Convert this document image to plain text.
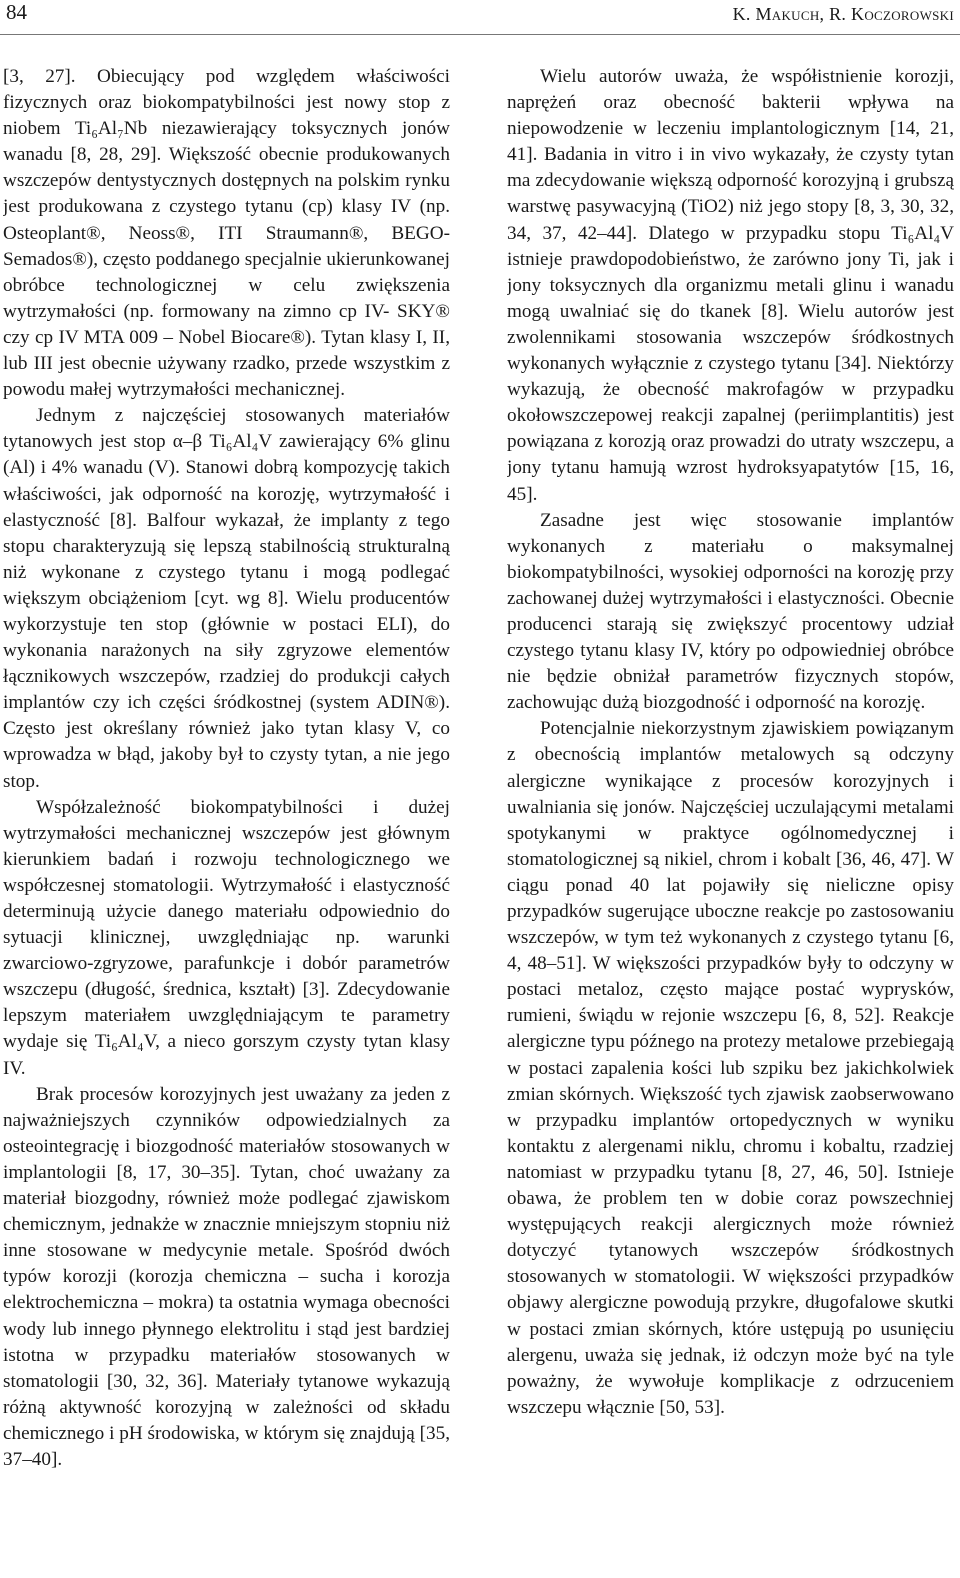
84	K. Makuch, R. Koczorowski

[3, 27]. Obiecujący pod względem właściwości fizycznych oraz biokompatybilności jest nowy stop z niobem Ti₆Al₇Nb niezawierający toksycznych jonów wanadu [8, 28, 29]. Większość obecnie produkowanych wszczepów dentystycznych dostępnych na polskim rynku jest produkowana z czystego tytanu (cp) klasy IV (np. Osteoplant®, Neoss®, ITI Straumann®, BEGO-Semados®), często poddanego specjalnie ukierunkowanej obróbce technologicznej w celu zwiększenia wytrzymałości (np. formowany na zimno cp IV- SKY® czy cp IV MTA 009 – Nobel Biocare®). Tytan klasy I, II, lub III jest obecnie używany rzadko, przede wszystkim z powodu małej wytrzymałości mechanicznej.

Jednym z najczęściej stosowanych materiałów tytanowych jest stop α–β Ti₆Al₄V zawierający 6% glinu (Al) i 4% wanadu (V). Stanowi dobrą kompozycję takich właściwości, jak odporność na korozję, wytrzymałość i elastyczność [8]. Balfour wykazał, że implanty z tego stopu charakteryzują się lepszą stabilnością strukturalną niż wykonane z czystego tytanu i mogą podlegać większym obciążeniom [cyt. wg 8]. Wielu producentów wykorzystuje ten stop (głównie w postaci ELI), do wykonania narażonych na siły zgryzowe elementów łącznikowych wszczepów, rzadziej do produkcji całych implantów czy ich części śródkostnej (system ADIN®). Często jest określany również jako tytan klasy V, co wprowadza w błąd, jakoby był to czysty tytan, a nie jego stop.

Współzależność biokompatybilności i dużej wytrzymałości mechanicznej wszczepów jest głównym kierunkiem badań i rozwoju technologicznego we współczesnej stomatologii. Wytrzymałość i elastyczność determinują użycie danego materiału odpowiednio do sytuacji klinicznej, uwzględniając np. warunki zwarciowo-zgryzowe, parafunkcje i dobór parametrów wszczepu (długość, średnica, kształt) [3]. Zdecydowanie lepszym materiałem uwzględniającym te parametry wydaje się Ti₆Al₄V, a nieco gorszym czysty tytan klasy IV.

Brak procesów korozyjnych jest uważany za jeden z najważniejszych czynników odpowiedzialnych za osteointegrację i biozgodność materiałów stosowanych w implantologii [8, 17, 30–35]. Tytan, choć uważany za materiał biozgodny, również może podlegać zjawiskom chemicznym, jednakże w znacznie mniejszym stopniu niż inne stosowane w medycynie metale. Spośród dwóch typów korozji (korozja chemiczna – sucha i korozja elektrochemiczna – mokra) ta ostatnia wymaga obecności wody lub innego płynnego elektrolitu i stąd jest bardziej istotna w przypadku materiałów stosowanych w stomatologii [30, 32, 36]. Materiały tytanowe wykazują różną aktywność korozyjną w zależności od składu chemicznego i pH środowiska, w którym się znajdują [35, 37–40].

Wielu autorów uważa, że współistnienie korozji, naprężeń oraz obecność bakterii wpływa na niepowodzenie w leczeniu implantologicznym [14, 21, 41]. Badania in vitro i in vivo wykazały, że czysty tytan ma zdecydowanie większą odporność korozyjną i grubszą warstwę pasywacyjną (TiO2) niż jego stopy [8, 3, 30, 32, 34, 37, 42–44]. Dlatego w przypadku stopu Ti₆Al₄V istnieje prawdopodobieństwo, że zarówno jony Ti, jak i jony toksycznych dla organizmu metali glinu i wanadu mogą uwalniać się do tkanek [8]. Wielu autorów jest zwolennikami stosowania wszczepów śródkostnych wykonanych wyłącznie z czystego tytanu [34]. Niektórzy wykazują, że obecność makrofagów w przypadku okołowszczepowej reakcji zapalnej (periimplantitis) jest powiązana z korozją oraz prowadzi do utraty wszczepu, a jony tytanu hamują wzrost hydroksyapatytów [15, 16, 45].

Zasadne jest więc stosowanie implantów wykonanych z materiału o maksymalnej biokompatybilności, wysokiej odporności na korozję przy zachowanej dużej wytrzymałości i elastyczności. Obecnie producenci starają się zwiększyć procentowy udział czystego tytanu klasy IV, który po odpowiedniej obróbce nie będzie obniżał parametrów fizycznych stopów, zachowując dużą biozgodność i odporność na korozję.

Potencjalnie niekorzystnym zjawiskiem powiązanym z obecnością implantów metalowych są odczyny alergiczne wynikające z procesów korozyjnych i uwalniania się jonów. Najczęściej uczulającymi metalami spotykanymi w praktyce ogólnomedycznej i stomatologicznej są nikiel, chrom i kobalt [36, 46, 47]. W ciągu ponad 40 lat pojawiły się nieliczne opisy przypadków sugerujące uboczne reakcje po zastosowaniu wszczepów, w tym też wykonanych z czystego tytanu [6, 4, 48–51]. W większości przypadków były to odczyny w postaci metaloz, często mające postać wyprysków, rumieni, świądu w rejonie wszczepu [6, 8, 52]. Reakcje alergiczne typu późnego na protezy metalowe przebiegają w postaci zapalenia kości lub szpiku bez jakichkolwiek zmian skórnych. Większość tych zjawisk zaobserwowano w przypadku implantów ortopedycznych w wyniku kontaktu z alergenami niklu, chromu i kobaltu, rzadziej natomiast w przypadku tytanu [8, 27, 46, 50]. Istnieje obawa, że problem ten w dobie coraz powszechniej występujących reakcji alergicznych może również dotyczyć tytanowych wszczepów śródkostnych stosowanych w stomatologii. W większości przypadków objawy alergiczne powodują przykre, długofalowe skutki w postaci zmian skórnych, które ustępują po usunięciu alergenu, uważa się jednak, iż odczyn może być na tyle poważny, że wywołuje komplikacje z odrzuceniem wszczepu włącznie [50, 53].
